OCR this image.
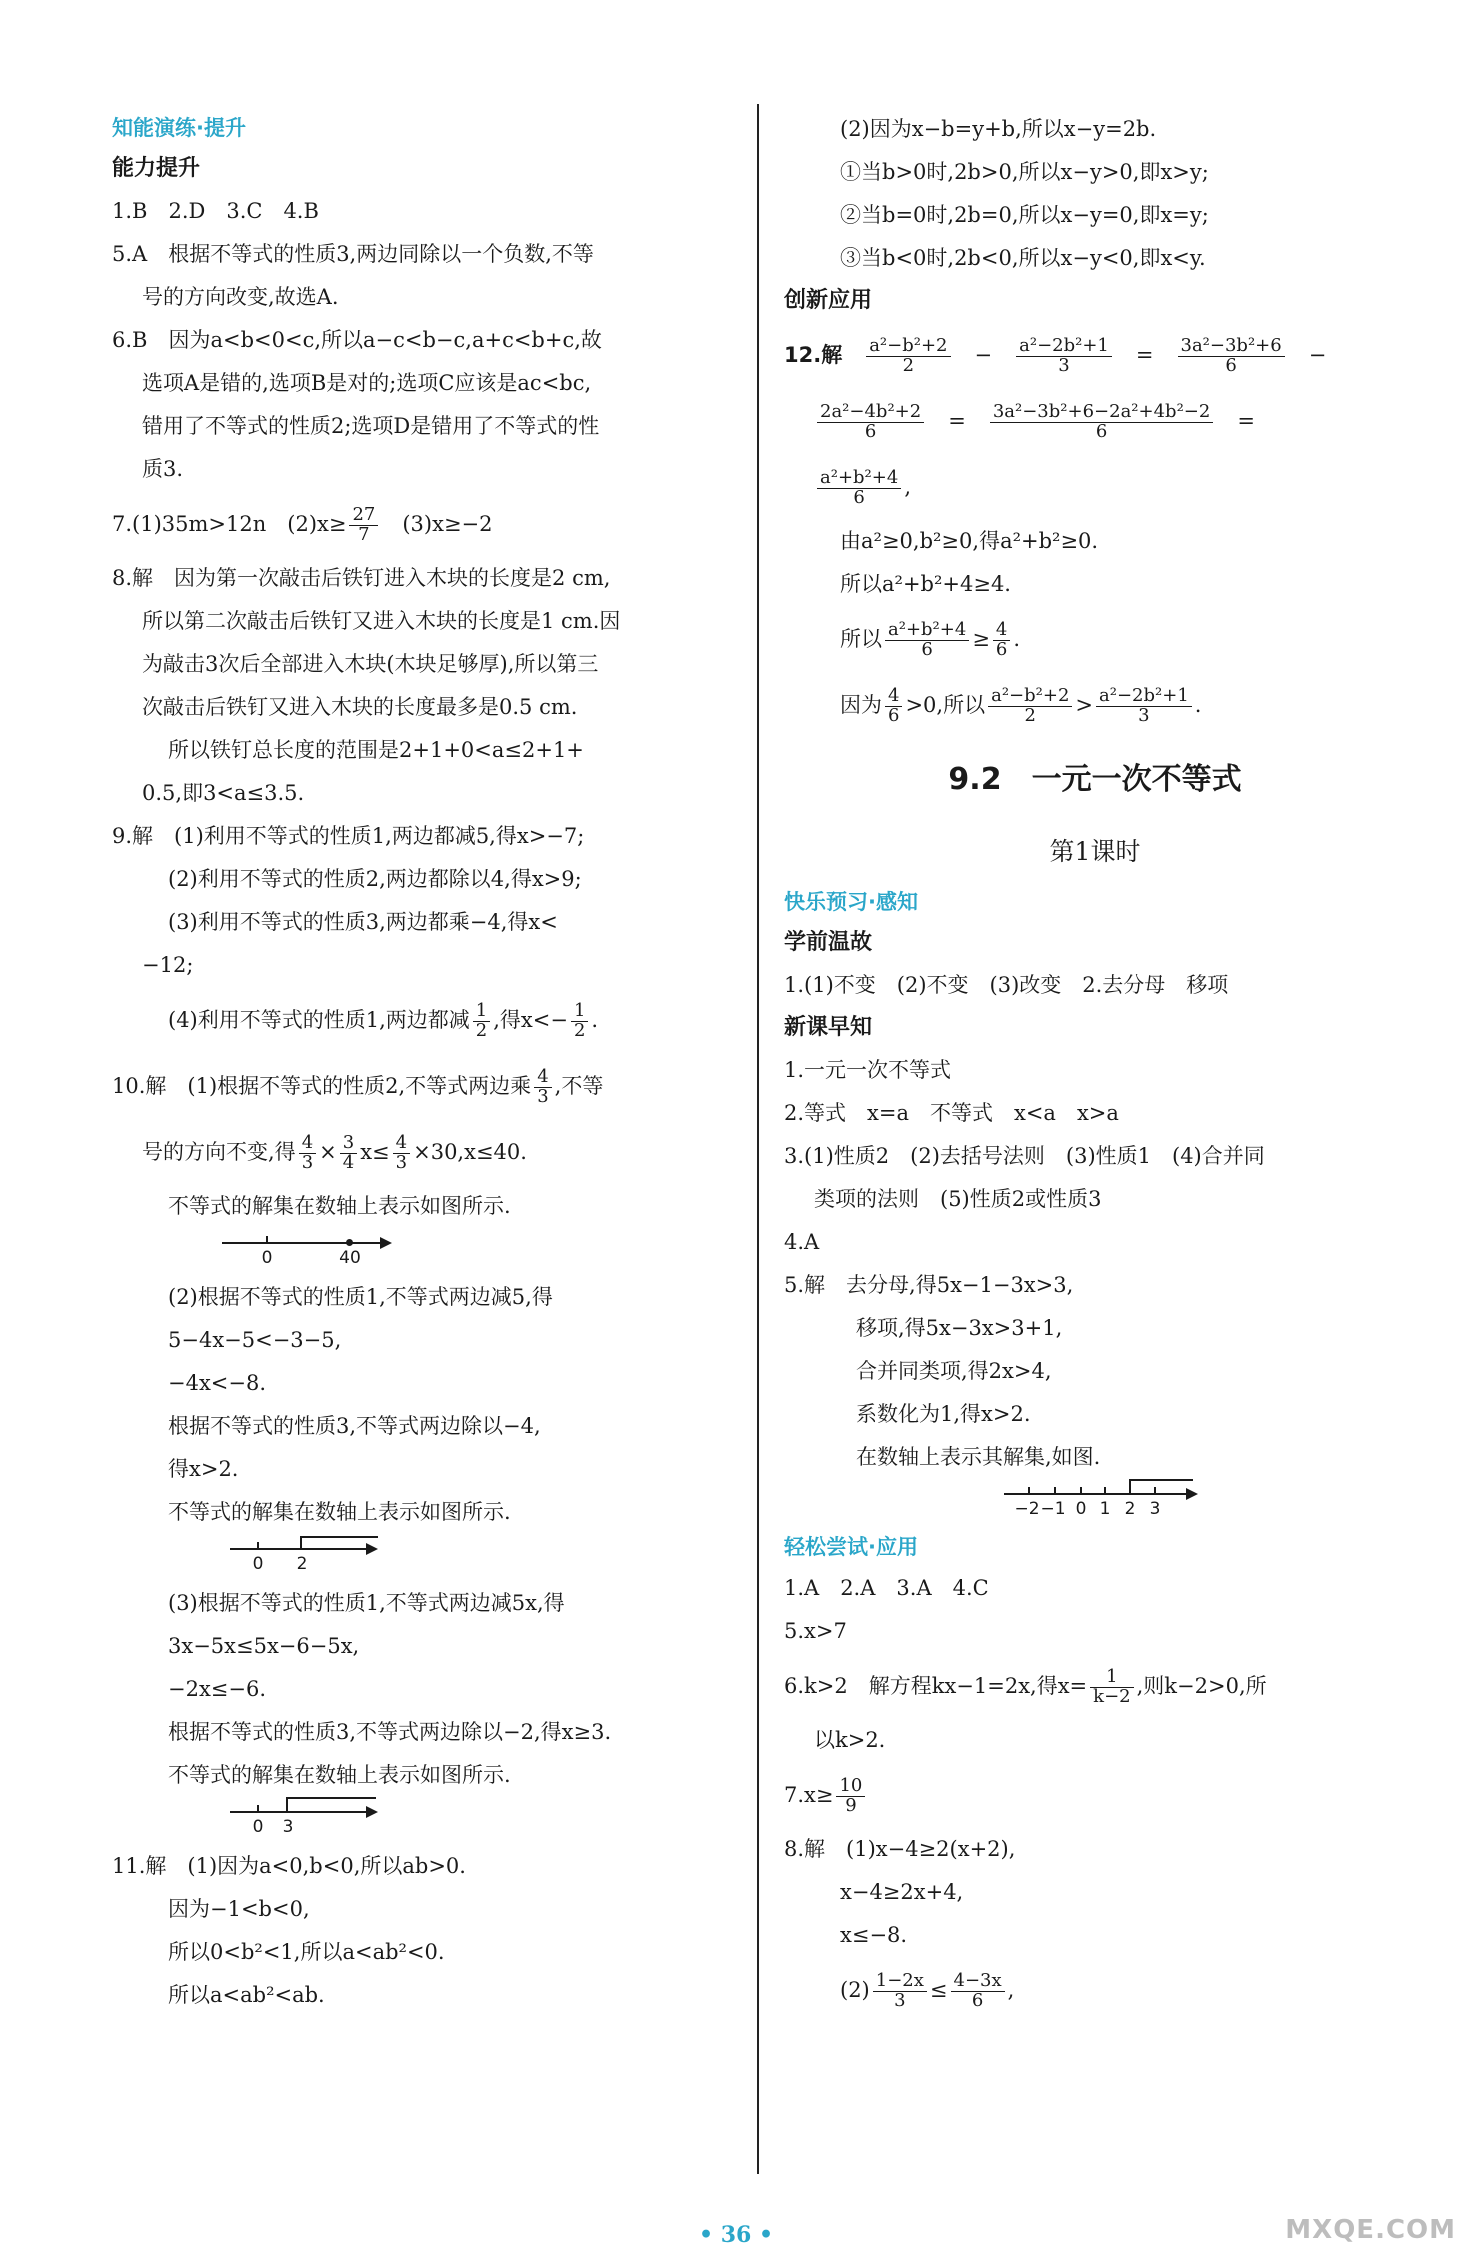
知能演练·提升
能力提升
1.B　2.D　3.C　4.B
5.A　根据不等式的性质3,两边同除以一个负数,不等
号的方向改变,故选A.
6.B　因为a<b<0<c,所以a−c<b−c,a+c<b+c,故
选项A是错的,选项B是对的;选项C应该是ac<bc,
错用了不等式的性质2;选项D是错用了不等式的性
质3.
7.(1)35m>12n　$(2)x\ge \frac{27}{7}$
　 (3)x≥−2
8.解　因为第一次敲击后铁钉进入木块的长度是2 cm,
所以第二次敲击后铁钉又进入木块的长度是1 cm.因
为敲击3次后全部进入木块(木块足够厚),所以第三
次敲击后铁钉又进入木块的长度最多是0.5 cm.
所以铁钉总长度的范围是2+1+0<a≤2+1+
0.5,即3<a≤3.5.
9.解　(1)利用不等式的性质1,两边都减5,得x>−7;
(2)利用不等式的性质2,两边都除以4,得x>9;
(3)利用不等式的性质3,两边都乘−4,得x<
−12;
(4)利用不等式的性质1,两边都减 $\frac{1}{2}$ ,得$x<- \frac{1}{2}$ .
10.解　(1)根据不等式的性质2,不等式两边乘 $\frac{4}{3}$ ,不等
号的方向不变,得 $\frac{4}{3} \times \frac{3}{4} x\le \frac{4}{3} \times 30,x\le 40$.
不等式的解集在数轴上表示如图所示.
0	40
(2)根据不等式的性质1,不等式两边减5,得
5−4x−5<−3−5,
−4x<−8.
根据不等式的性质3,不等式两边除以−4,
得x>2.
不等式的解集在数轴上表示如图所示.
0 2
(3)根据不等式的性质1,不等式两边减5x,得
3x−5x≤5x−6−5x,
−2x≤−6.
根据不等式的性质3,不等式两边除以−2,得x≥3.
不等式的解集在数轴上表示如图所示.
0 3
11.解　(1)因为a<0,b<0,所以ab>0.
因为−1<b<0,
所以0<b²<1,所以a<ab²<0.
所以a<ab²<ab.
(2)因为x−b=y+b,所以x−y=2b.
①当b>0时,2b>0,所以x−y>0,即x>y;
②当b=0时,2b=0,所以x−y=0,即x=y;
③当b<0时,2b<0,所以x−y<0,即x<y.
创新应用
12.解　 $\frac{\text{a²−b²+2}}{2}$
　 −　 $\frac{\text{a²−2b²+1}}{3}$
　 =　 $\frac{\text{3a²−3b²+6}}{6}$
　 −
$\frac{\text{2a²−4b²+2}}{6}$
　 =　 $\frac{\text{3a²−3b²+6−2a²+4b²−2}}{6}$
　 =
$\frac{\text{a²+b²+4}}{6}$ ,
由a²≥0,b²≥0,得a²+b²≥0.
所以a²+b²+4≥4.
所以 $\frac{\text{a²+b²+4}}{6} \ge \frac{4}{6}$ .
因为 $\frac{4}{6} >0$,所以 $\frac{\text{a²−b²+2}}{2} > \frac{\text{a²−2b²+1}}{3}$ .
9.2　一元一次不等式
第1课时
快乐预习·感知
学前温故
1.(1)不变　(2)不变　(3)改变　2.去分母　移项
新课早知
1.一元一次不等式
2.等式　x=a　不等式　x<a　x>a
3.(1)性质2　(2)去括号法则　(3)性质1　(4)合并同
类项的法则　(5)性质2或性质3
4.A
5.解　去分母,得5x−1−3x>3,
移项,得5x−3x>3+1,
合并同类项,得2x>4,
系数化为1,得x>2.
在数轴上表示其解集,如图.
−2 −1 0 1 2 3
轻松尝试·应用
1.A　2.A　3.A　4.C
5.x>7
6.k>2　解方程kx−1=2x,得$x= \frac{1}{k-2}$ ,则k−2>0,所
以k>2.
$7.x\ge \frac{10}{9}$
8.解　(1)x−4≥2(x+2),
x−4≥2x+4,
x≤−8.
$(2) \frac{1-2x}{3} \le \frac{4-3x}{6}$ ,
• 36 •	MXQE.COM
